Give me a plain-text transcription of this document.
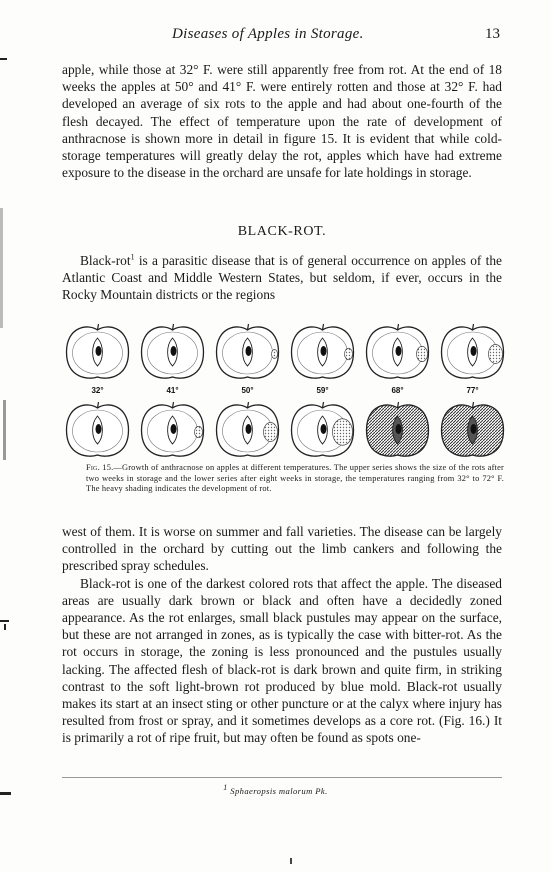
Diseases of Apples in Storage.	13

apple, while those at 32° F. were still apparently free from rot. At the end of 18 weeks the apples at 50° and 41° F. were entirely rotten and those at 32° F. had developed an average of six rots to the apple and had about one-fourth of the flesh decayed. The effect of temperature upon the rate of development of anthracnose is shown more in detail in figure 15. It is evident that while cold-storage temperatures will greatly delay the rot, apples which have had extreme exposure to the disease in the orchard are unsafe for late holdings in storage.

BLACK-ROT.

Black-rot$^1$ is a parasitic disease that is of general occurrence on apples of the Atlantic Coast and Middle Western States, but seldom, if ever, occurs in the Rocky Mountain districts or the regions

32°	41°	50°	59°	68°	77°
Fig. 15.—Growth of anthracnose on apples at different temperatures. The upper series shows the size of the rots after two weeks in storage and the lower series after eight weeks in storage, the temperatures ranging from 32° to 72° F. The heavy shading indicates the development of rot.

west of them. It is worse on summer and fall varieties. The disease can be largely controlled in the orchard by cutting out the limb cankers and following the prescribed spray schedules.

Black-rot is one of the darkest colored rots that affect the apple. The diseased areas are usually dark brown or black and often have a decidedly zoned appearance. As the rot enlarges, small black pustules may appear on the surface, but these are not arranged in zones, as is typically the case with bitter-rot. As the rot occurs in storage, the zoning is less pronounced and the pustules usually lacking. The affected flesh of black-rot is dark brown and quite firm, in striking contrast to the soft light-brown rot produced by blue mold. Black-rot usually makes its start at an insect sting or other puncture or at the calyx where injury has resulted from frost or spray, and it sometimes develops as a core rot. (Fig. 16.) It is primarily a rot of ripe fruit, but may often be found as spots one-

1 Sphaeropsis malorum Pk.
